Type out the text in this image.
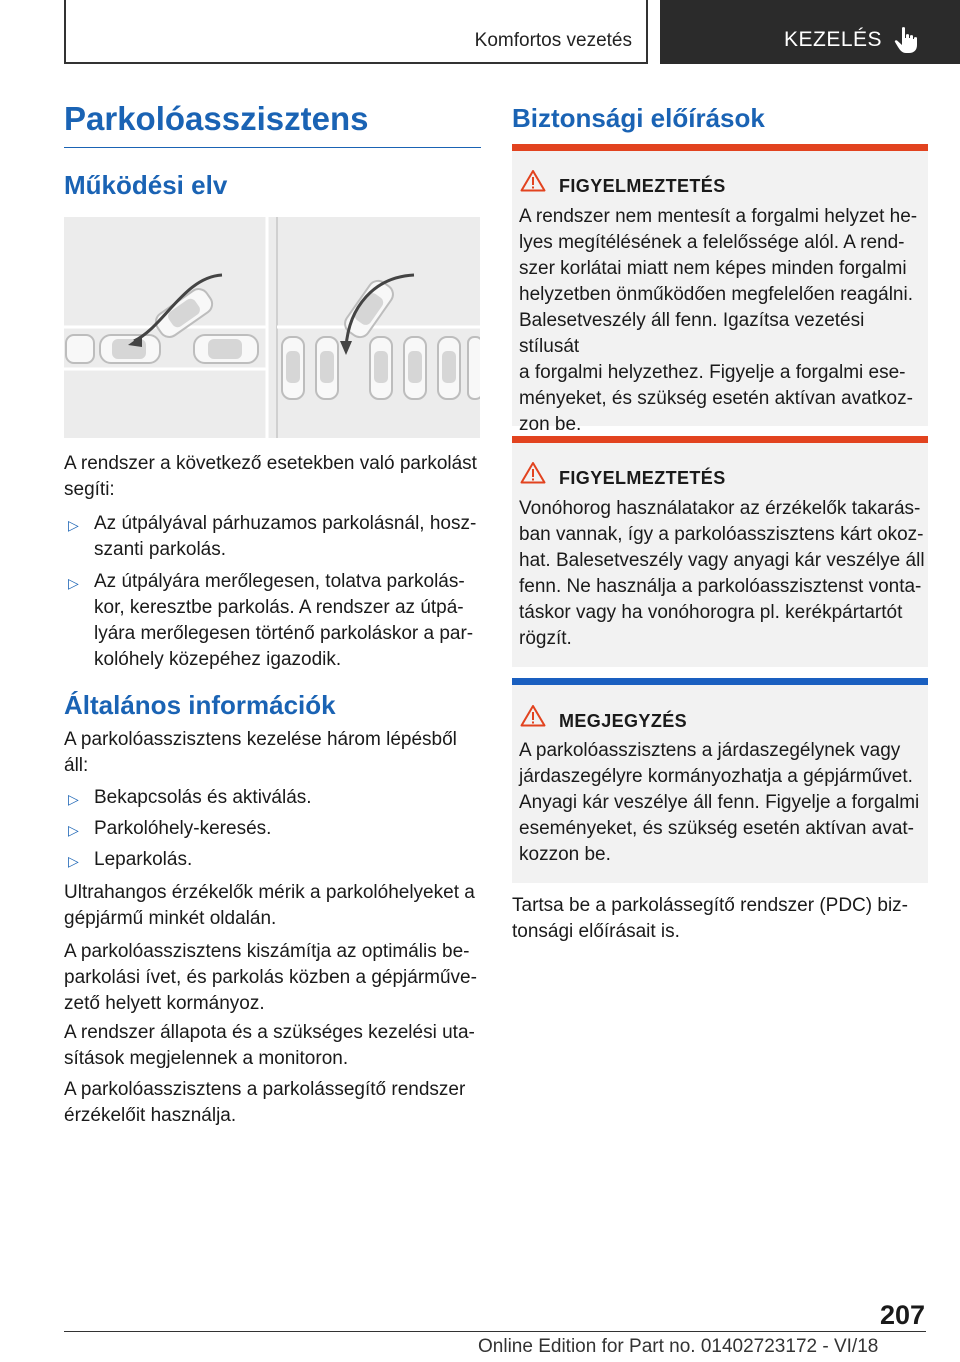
Komfortos vezetés	KEZELÉS
Parkolóasszisztens
Működési elv
A rendszer a következő esetekben való parkolást
segíti:
▷ Az útpályával párhuzamos parkolásnál, hosz-
szanti parkolás.
▷ Az útpályára merőlegesen, tolatva parkolás-
kor, keresztbe parkolás. A rendszer az útpá-
lyára merőlegesen történő parkoláskor a par-
kolóhely közepéhez igazodik.
Általános információk
A parkolóasszisztens kezelése három lépésből
áll:
▷ Bekapcsolás és aktiválás.
▷ Parkolóhely-keresés.
▷ Leparkolás.
Ultrahangos érzékelők mérik a parkolóhelyeket a
gépjármű minkét oldalán.
A parkolóasszisztens kiszámítja az optimális be-
parkolási ívet, és parkolás közben a gépjárműve-
zető helyett kormányoz.
A rendszer állapota és a szükséges kezelési uta-
sítások megjelennek a monitoron.
A parkolóasszisztens a parkolássegítő rendszer
érzékelőit használja.
Biztonsági előírások
FIGYELMEZTETÉS
A rendszer nem mentesít a forgalmi helyzet he-
lyes megítélésének a felelőssége alól. A rend-
szer korlátai miatt nem képes minden forgalmi
helyzetben önműködően megfelelően reagálni.
Balesetveszély áll fenn. Igazítsa vezetési stílusát
a forgalmi helyzethez. Figyelje a forgalmi ese-
ményeket, és szükség esetén aktívan avatkoz-
zon be.
FIGYELMEZTETÉS
Vonóhorog használatakor az érzékelők takarás-
ban vannak, így a parkolóasszisztens kárt okoz-
hat. Balesetveszély vagy anyagi kár veszélye áll
fenn. Ne használja a parkolóasszisztenst vonta-
táskor vagy ha vonóhorogra pl. kerékpártartót
rögzít.
MEGJEGYZÉS
A parkolóasszisztens a járdaszegélynek vagy
járdaszegélyre kormányozhatja a gépjárművet.
Anyagi kár veszélye áll fenn. Figyelje a forgalmi
eseményeket, és szükség esetén aktívan avat-
kozzon be.
Tartsa be a parkolássegítő rendszer (PDC) biz-
tonsági előírásait is.
207
Online Edition for Part no. 01402723172 - VI/18
